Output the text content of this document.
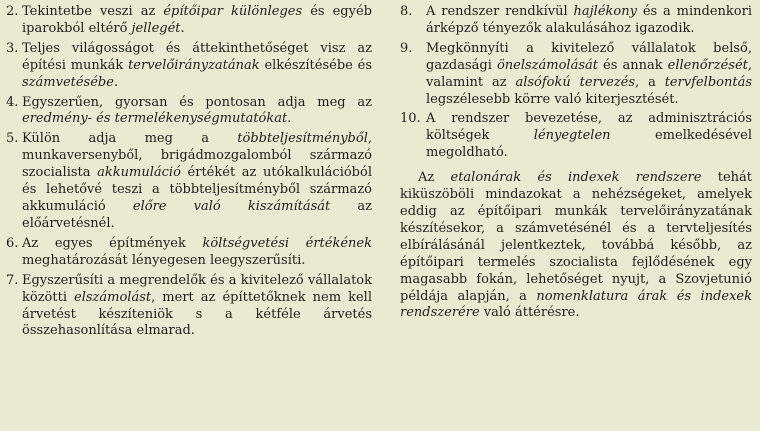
2. Tekintetbe veszi az építőipar különleges és egyéb iparokból eltérő jellegét.
3. Teljes világosságot és áttekinthetőséget visz az építési munkák tervelőirányzatának elkészítésébe és számvetésébe.
4. Egyszerűen, gyorsan és pontosan adja meg az eredmény- és termelékenységmutatókat.
5. Külön adja meg a többteljesítményből, munkaversenyből, brigádmozgalomból származó szocialista akkumuláció értékét az utókalkulációból és lehetővé teszi a többteljesítményből származó akkumuláció előre való kiszámítását az előárvetésnél.
6. Az egyes építmények költségvetési értékének meghatározását lényegesen leegyszerűsíti.
7. Egyszerűsíti a megrendelők és a kivitelező vállalatok közötti elszámolást, mert az építtetőknek nem kell árvetést készíteniök s a kétféle árvetés összehasonlítása elmarad.
8.	A rendszer rendkívül hajlékony és a mindenkori árképző tényezők alakulásához igazodik.
9.	Megkönnyíti a kivitelező vállalatok belső, gazdasági önelszámolását és annak ellenőrzését, valamint az alsófokú tervezés, a tervfelbontás legszélesebb körre való kiterjesztését.
10. A rendszer bevezetése, az adminisztrációs költségek lényegtelen emelkedésével megoldható.

Az etalonárak és indexek rendszere tehát kiküszöböli mindazokat a nehézségeket, amelyek eddig az építőipari munkák tervelőirányzatának készítésekor, a számvetésénél és a tervteljesítés elbírálásánál jelentkeztek, továbbá később, az építőipari termelés szocialista fejlődésének egy magasabb fokán, lehetőséget nyujt, a Szovjetunió példája alapján, a nomenklatura árak és indexek rendszerére való áttérésre.
